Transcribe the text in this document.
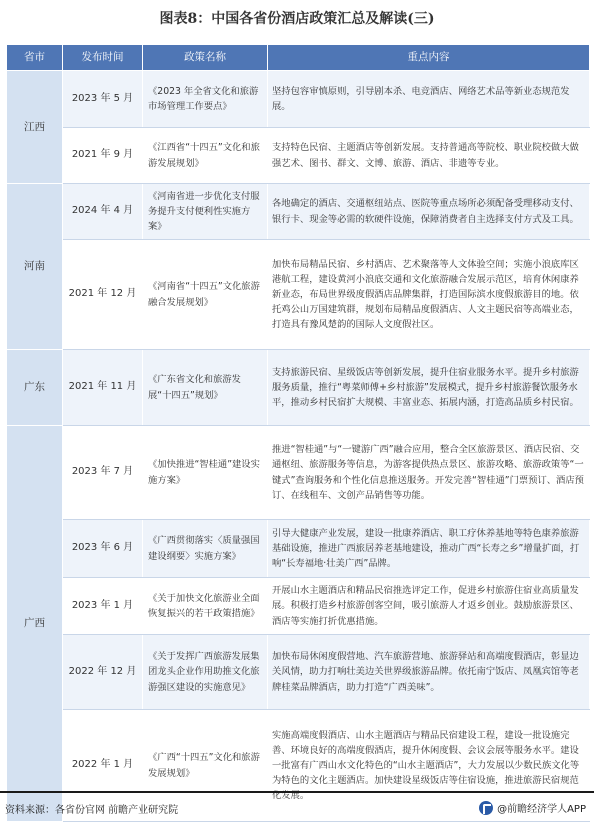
图表8：中国各省份酒店政策汇总及解读(三)
省市	发布时间	政策名称	重点内容
江西	2023 年 5 月	《2023 年全省文化和旅游市场管理工作要点》	坚持包容审慎原则，引导剧本杀、电竞酒店、网络艺术品等新业态规范发展。
	2021 年 9 月	《江西省“十四五”文化和旅游发展规划》	支持特色民宿、主题酒店等创新发展。支持普通高等院校、职业院校做大做强艺术、图书、群文、文博、旅游、酒店、非遗等专业。
河南	2024 年 4 月	《河南省进一步优化支付服务提升支付便利性实施方案》	各地确定的酒店、交通枢纽站点、医院等重点场所必须配备受理移动支付、银行卡、现金等必需的软硬件设施，保障消费者自主选择支付方式及工具。
	2021 年 12 月	《河南省“十四五”文化旅游融合发展规划》	加快布局精品民宿、乡村酒店、艺术聚落等人文体验空间；实施小浪底库区港航工程，建设黄河小浪底交通和文化旅游融合发展示范区，培育休闲康养新业态，布局世界级度假酒店品牌集群，打造国际滨水度假旅游目的地。依托鸡公山万国建筑群，规划布局精品度假酒店、人文主题民宿等高端业态，打造具有豫风楚韵的国际人文度假社区。
广东	2021 年 11 月	《广东省文化和旅游发展“十四五”规划》	支持旅游民宿、星级饭店等创新发展，提升住宿业服务水平。提升乡村旅游服务质量，推行“粤菜师傅+乡村旅游”发展模式，提升乡村旅游餐饮服务水平，推动乡村民宿扩大规模、丰富业态、拓展内涵，打造高品质乡村民宿。
广西	2023 年 7 月	《加快推进“智桂通”建设实施方案》	推进“智桂通”与“一键游广西”融合应用，整合全区旅游景区、酒店民宿、交通枢纽、旅游服务等信息，为游客提供热点景区、旅游攻略、旅游政策等“一键式”查询服务和个性化信息推送服务。开发完善“智桂通”门票预订、酒店预订、在线租车、文创产品销售等功能。
	2023 年 6 月	《广西贯彻落实〈质量强国建设纲要〉实施方案》	引导大健康产业发展，建设一批康养酒店、职工疗休养基地等特色康养旅游基础设施，推进广西旅居养老基地建设，推动广西“长寿之乡”增量扩面，打响“长寿福地·壮美广西”品牌。
	2023 年 1 月	《关于加快文化旅游业全面恢复振兴的若干政策措施》	开展山水主题酒店和精品民宿推选评定工作，促进乡村旅游住宿业高质量发展。积极打造乡村旅游创客空间，吸引旅游人才返乡创业。鼓励旅游景区、酒店等实施打折优惠措施。
	2022 年 12 月	《关于发挥广西旅游发展集团龙头企业作用助推文化旅游强区建设的实施意见》	加快布局休闲度假营地、汽车旅游营地、旅游驿站和高端度假酒店，彰显边关风情，助力打响壮美边关世界级旅游品牌。依托南宁饭店、凤凰宾馆等老牌桂菜品牌酒店，助力打造“广西美味”。
	2022 年 1 月	《广西“十四五”文化和旅游发展规划》	实施高端度假酒店、山水主题酒店与精品民宿建设工程，建设一批设施完善、环境良好的高端度假酒店，提升休闲度假、会议会展等服务水平。建设一批富有广西山水文化特色的“山水主题酒店”，大力发展以少数民族文化等为特色的文化主题酒店。加快建设星级饭店等住宿设施，推进旅游民宿规范化发展。
资料来源：各省份官网 前瞻产业研究院	@前瞻经济学人APP
